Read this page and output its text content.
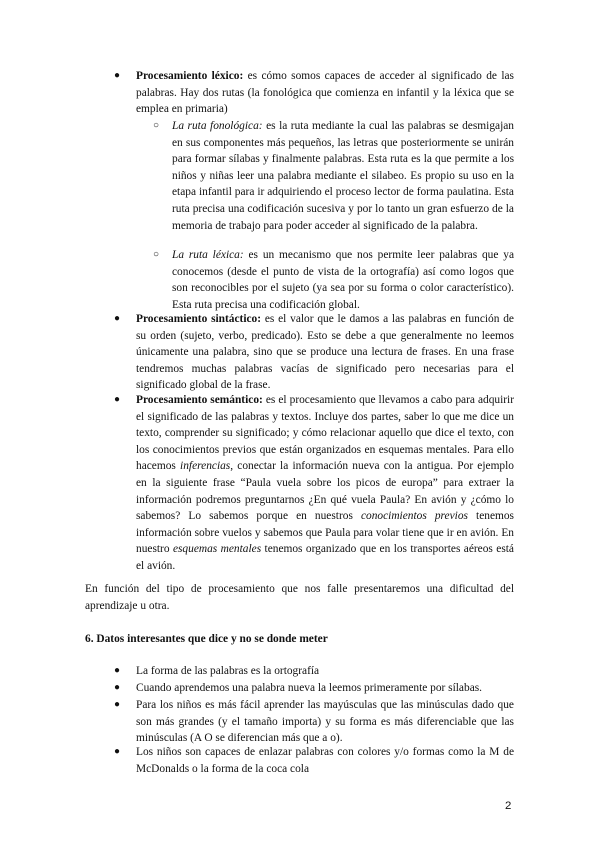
● Procesamiento léxico: es cómo somos capaces de acceder al significado de las palabras. Hay dos rutas (la fonológica que comienza en infantil y la léxica que se emplea en primaria)
○ La ruta fonológica: es la ruta mediante la cual las palabras se desmigajan en sus componentes más pequeños, las letras que posteriormente se unirán para formar sílabas y finalmente palabras. Esta ruta es la que permite a los niños y niñas leer una palabra mediante el silabeo. Es propio su uso en la etapa infantil para ir adquiriendo el proceso lector de forma paulatina. Esta ruta precisa una codificación sucesiva y por lo tanto un gran esfuerzo de la memoria de trabajo para poder acceder al significado de la palabra.
○ La ruta léxica: es un mecanismo que nos permite leer palabras que ya conocemos (desde el punto de vista de la ortografía) así como logos que son reconocibles por el sujeto (ya sea por su forma o color característico). Esta ruta precisa una codificación global.
● Procesamiento sintáctico: es el valor que le damos a las palabras en función de su orden (sujeto, verbo, predicado). Esto se debe a que generalmente no leemos únicamente una palabra, sino que se produce una lectura de frases. En una frase tendremos muchas palabras vacías de significado pero necesarias para el significado global de la frase.
● Procesamiento semántico: es el procesamiento que llevamos a cabo para adquirir el significado de las palabras y textos. Incluye dos partes, saber lo que me dice un texto, comprender su significado; y cómo relacionar aquello que dice el texto, con los conocimientos previos que están organizados en esquemas mentales. Para ello hacemos inferencias, conectar la información nueva con la antigua. Por ejemplo en la siguiente frase “Paula vuela sobre los picos de europa” para extraer la información podremos preguntarnos ¿En qué vuela Paula? En avión y ¿cómo lo sabemos? Lo sabemos porque en nuestros conocimientos previos tenemos información sobre vuelos y sabemos que Paula para volar tiene que ir en avión. En nuestro esquemas mentales tenemos organizado que en los transportes aéreos está el avión.
En función del tipo de procesamiento que nos falle presentaremos una dificultad del aprendizaje u otra.
6. Datos interesantes que dice y no se donde meter
● La forma de las palabras es la ortografía
● Cuando aprendemos una palabra nueva la leemos primeramente por sílabas.
● Para los niños es más fácil aprender las mayúsculas que las minúsculas dado que son más grandes (y el tamaño importa) y su forma es más diferenciable que las minúsculas (A O se diferencian más que a o).
● Los niños son capaces de enlazar palabras con colores y/o formas como la M de McDonalds o la forma de la coca cola
2
